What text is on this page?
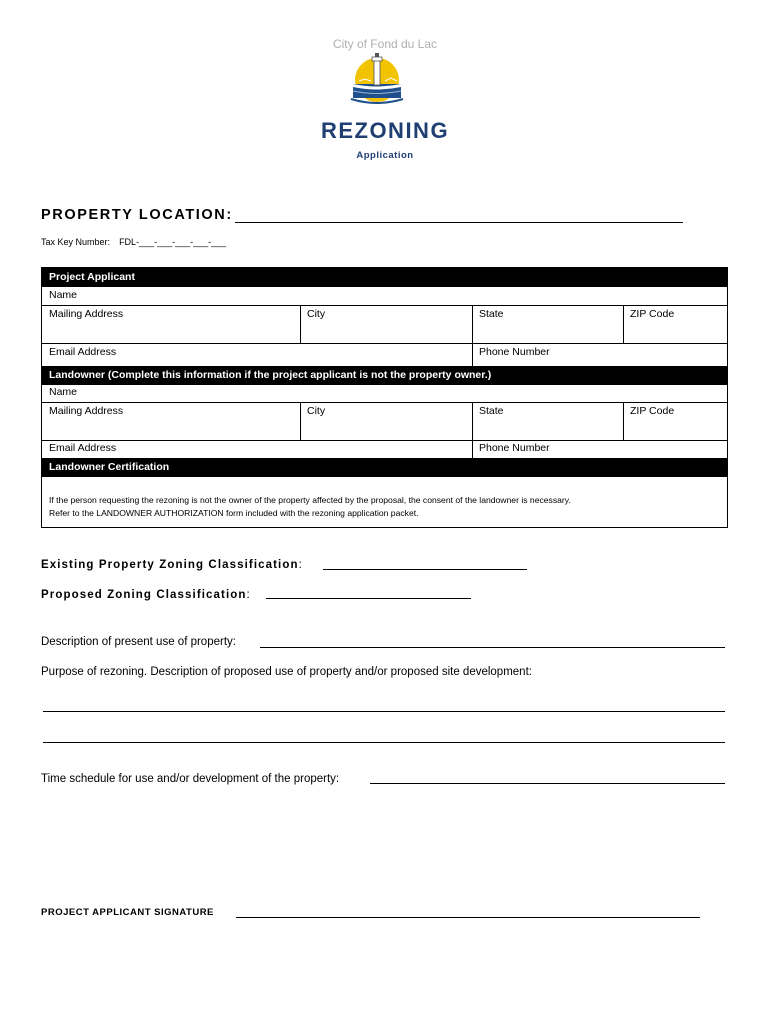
City of Fond du Lac
REZONING
Application
PROPERTY LOCATION:
Tax Key Number: FDL-___-___-___-___-___
Project Applicant
Name
Mailing Address	City	State	ZIP Code
Email Address	Phone Number
Landowner (Complete this information if the project applicant is not the property owner.)
Name
Mailing Address	City	State	ZIP Code
Email Address	Phone Number
Landowner Certification
If the person requesting the rezoning is not the owner of the property affected by the proposal, the consent of the landowner is necessary.
Refer to the LANDOWNER AUTHORIZATION form included with the rezoning application packet.
Existing Property Zoning Classification:
Proposed Zoning Classification:
Description of present use of property:
Purpose of rezoning. Description of proposed use of property and/or proposed site development:
Time schedule for use and/or development of the property:
PROJECT APPLICANT SIGNATURE
